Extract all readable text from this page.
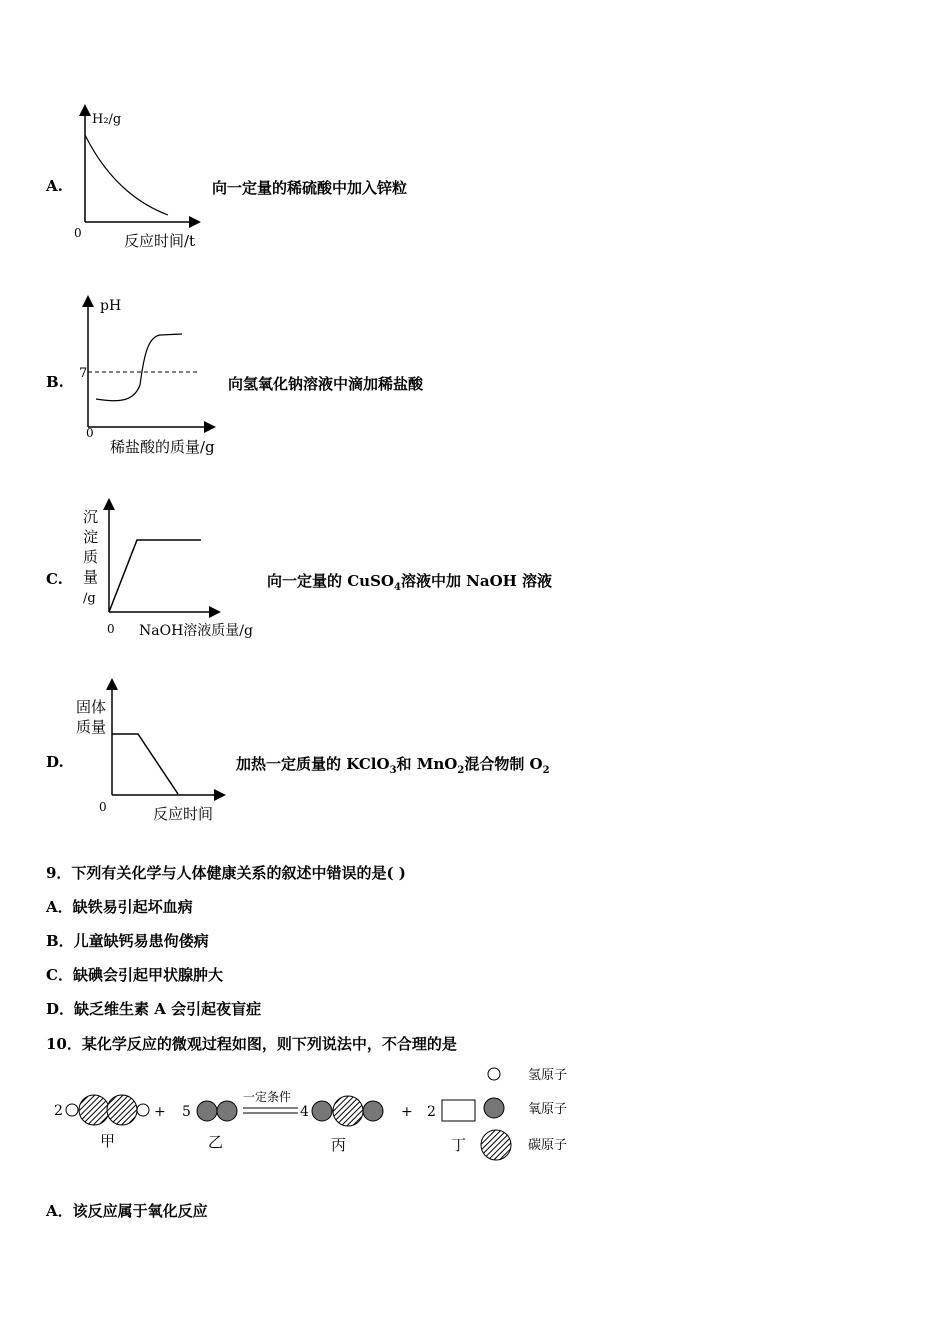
A.
H₂/g
0	反应时间/t
向一定量的稀硫酸中加入锌粒
B.
pH
7
0
稀盐酸的质量/g
向氢氧化钠溶液中滴加稀盐酸
C.
沉
淀
质
量
/g
0 NaOH溶液质量/g
向一定量的 CuSO$_4$溶液中加 NaOH 溶液
D.
固体
质量
0	反应时间
加热一定质量的 KClO$_3$和 MnO$_2$混合物制 $O_2$
9．下列有关化学与人体健康关系的叙述中错误的是( )
A．缺铁易引起坏血病
B．儿童缺钙易患佝偻病
C．缺碘会引起甲状腺肿大
D．缺乏维生素 A 会引起夜盲症
10．某化学反应的微观过程如图，则下列说法中，不合理的是
2	+
甲
5
乙
一定条件
4
丙
+ 2
丁
氢原子
氧原子
碳原子
A．该反应属于氧化反应
